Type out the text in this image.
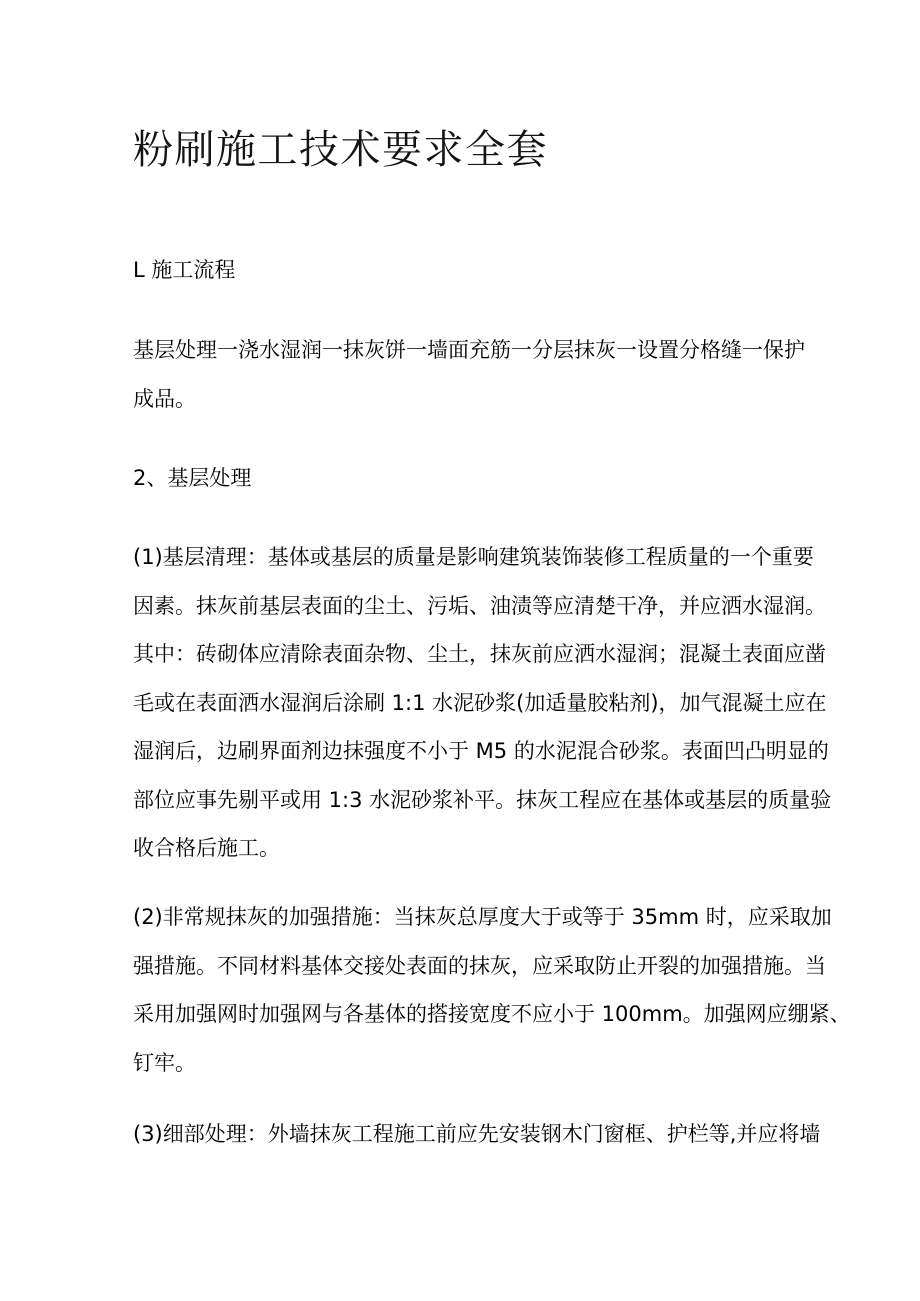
粉刷施工技术要求全套
L 施工流程
基层处理一浇水湿润一抹灰饼一墙面充筋一分层抹灰一设置分格缝一保护
成品。
2、基层处理
(1)基层清理：基体或基层的质量是影响建筑装饰装修工程质量的一个重要
因素。抹灰前基层表面的尘土、污垢、油渍等应清楚干净，并应洒水湿润。
其中：砖砌体应清除表面杂物、尘土，抹灰前应洒水湿润；混凝土表面应凿
毛或在表面洒水湿润后涂刷 1:1 水泥砂浆(加适量胶粘剂)，加气混凝土应在
湿润后，边刷界面剂边抹强度不小于 M5 的水泥混合砂浆。表面凹凸明显的
部位应事先剔平或用 1:3 水泥砂浆补平。抹灰工程应在基体或基层的质量验
收合格后施工。
(2)非常规抹灰的加强措施：当抹灰总厚度大于或等于 35mm 时，应采取加
强措施。不同材料基体交接处表面的抹灰，应采取防止开裂的加强措施。当
采用加强网时加强网与各基体的搭接宽度不应小于 100mm。加强网应绷紧、
钉牢。
(3)细部处理：外墙抹灰工程施工前应先安装钢木门窗框、护栏等,并应将墙
